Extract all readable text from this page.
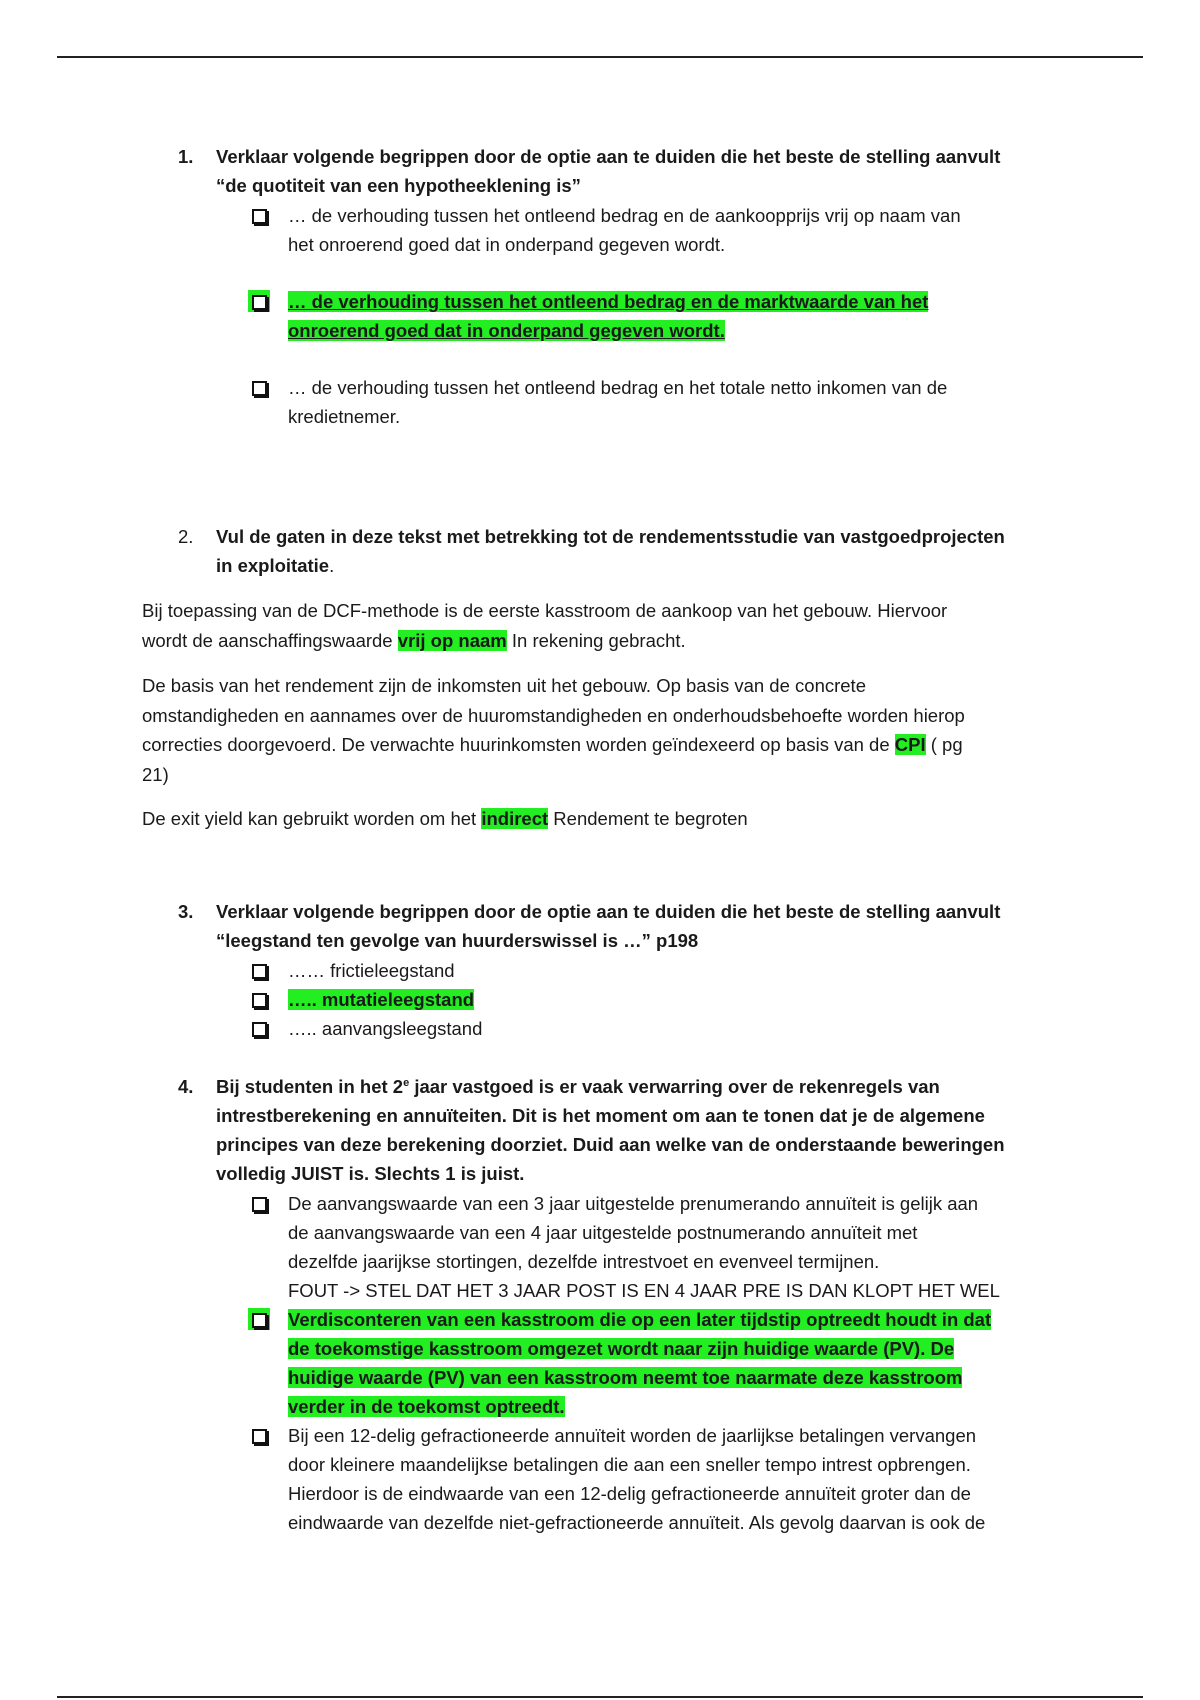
1. Verklaar volgende begrippen door de optie aan te duiden die het beste de stelling aanvult
“de quotiteit van een hypotheeklening is”
… de verhouding tussen het ontleend bedrag en de aankoopprijs vrij op naam van
het onroerend goed dat in onderpand gegeven wordt.
… de verhouding tussen het ontleend bedrag en de marktwaarde van het
onroerend goed dat in onderpand gegeven wordt.
… de verhouding tussen het ontleend bedrag en het totale netto inkomen van de
kredietnemer.
2. Vul de gaten in deze tekst met betrekking tot de rendementsstudie van vastgoedprojecten
in exploitatie.
Bij toepassing van de DCF-methode is de eerste kasstroom de aankoop van het gebouw. Hiervoor
wordt de aanschaffingswaarde vrij op naam In rekening gebracht.
De basis van het rendement zijn de inkomsten uit het gebouw. Op basis van de concrete
omstandigheden en aannames over de huuromstandigheden en onderhoudsbehoefte worden hierop
correcties doorgevoerd. De verwachte huurinkomsten worden geïndexeerd op basis van de CPI ( pg
21)
De exit yield kan gebruikt worden om het indirect Rendement te begroten
3. Verklaar volgende begrippen door de optie aan te duiden die het beste de stelling aanvult
“leegstand ten gevolge van huurderswissel is …” p198
…… frictieleegstand
….. mutatieleegstand
….. aanvangsleegstand
4. Bij studenten in het 2e jaar vastgoed is er vaak verwarring over de rekenregels van
intrestberekening en annuïteiten. Dit is het moment om aan te tonen dat je de algemene
principes van deze berekening doorziet. Duid aan welke van de onderstaande beweringen
volledig JUIST is. Slechts 1 is juist.
De aanvangswaarde van een 3 jaar uitgestelde prenumerando annuïteit is gelijk aan
de aanvangswaarde van een 4 jaar uitgestelde postnumerando annuïteit met
dezelfde jaarijkse stortingen, dezelfde intrestvoet en evenveel termijnen.
FOUT -> STEL DAT HET 3 JAAR POST IS EN 4 JAAR PRE IS DAN KLOPT HET WEL
Verdisconteren van een kasstroom die op een later tijdstip optreedt houdt in dat
de toekomstige kasstroom omgezet wordt naar zijn huidige waarde (PV). De
huidige waarde (PV) van een kasstroom neemt toe naarmate deze kasstroom
verder in de toekomst optreedt.
Bij een 12-delig gefractioneerde annuïteit worden de jaarlijkse betalingen vervangen
door kleinere maandelijkse betalingen die aan een sneller tempo intrest opbrengen.
Hierdoor is de eindwaarde van een 12-delig gefractioneerde annuïteit groter dan de
eindwaarde van dezelfde niet-gefractioneerde annuïteit. Als gevolg daarvan is ook de
